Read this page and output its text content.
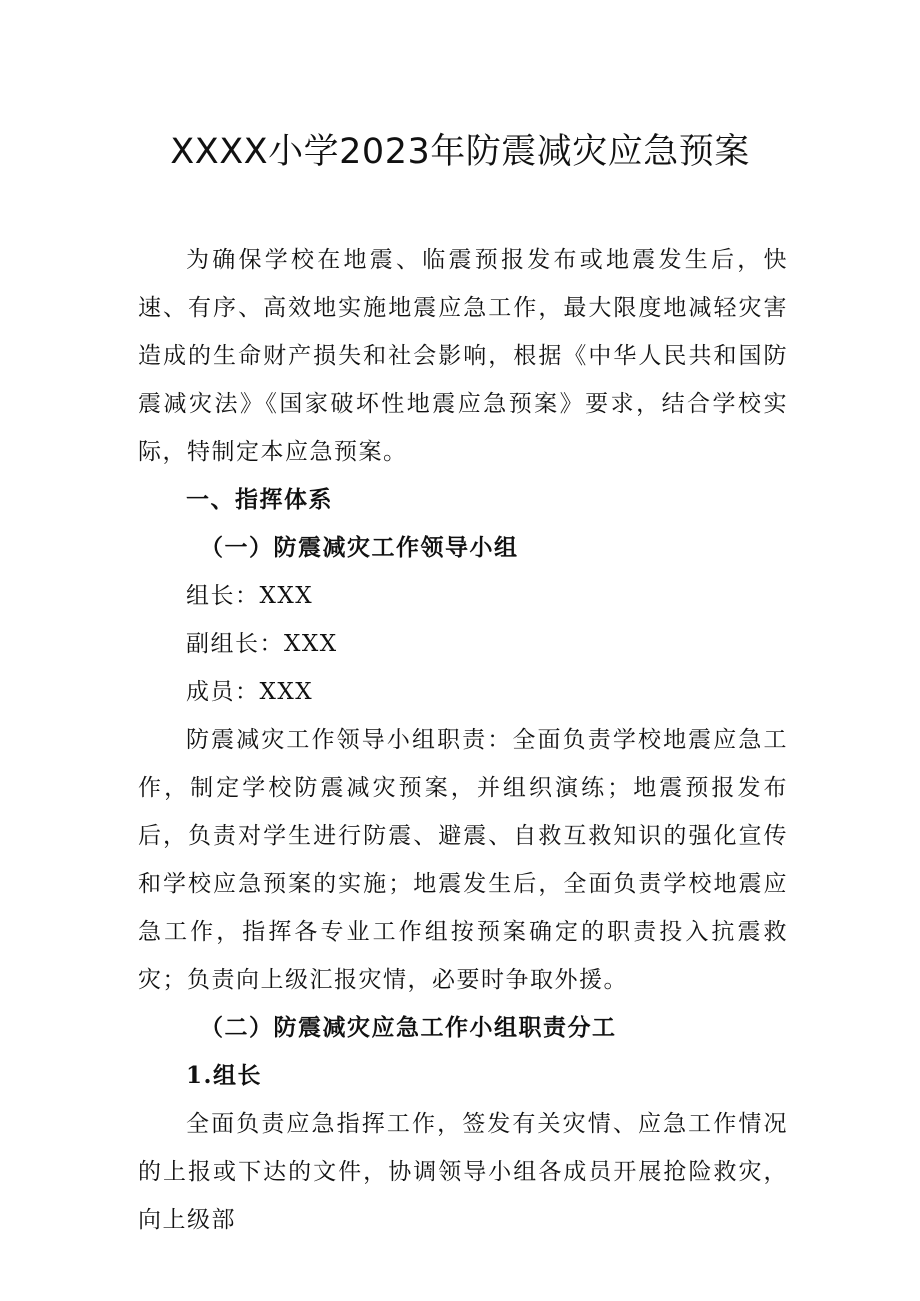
XXXX小学2023年防震减灾应急预案

为确保学校在地震、临震预报发布或地震发生后，快速、有序、高效地实施地震应急工作，最大限度地减轻灾害造成的生命财产损失和社会影响，根据《中华人民共和国防震减灾法》《国家破坏性地震应急预案》要求，结合学校实际，特制定本应急预案。

一、指挥体系

（一）防震减灾工作领导小组

组长：XXX

副组长：XXX

成员：XXX

防震减灾工作领导小组职责：全面负责学校地震应急工作，制定学校防震减灾预案，并组织演练；地震预报发布后，负责对学生进行防震、避震、自救互救知识的强化宣传和学校应急预案的实施；地震发生后，全面负责学校地震应急工作，指挥各专业工作组按预案确定的职责投入抗震救灾；负责向上级汇报灾情，必要时争取外援。

（二）防震减灾应急工作小组职责分工

1.组长

全面负责应急指挥工作，签发有关灾情、应急工作情况的上报或下达的文件，协调领导小组各成员开展抢险救灾，向上级部
